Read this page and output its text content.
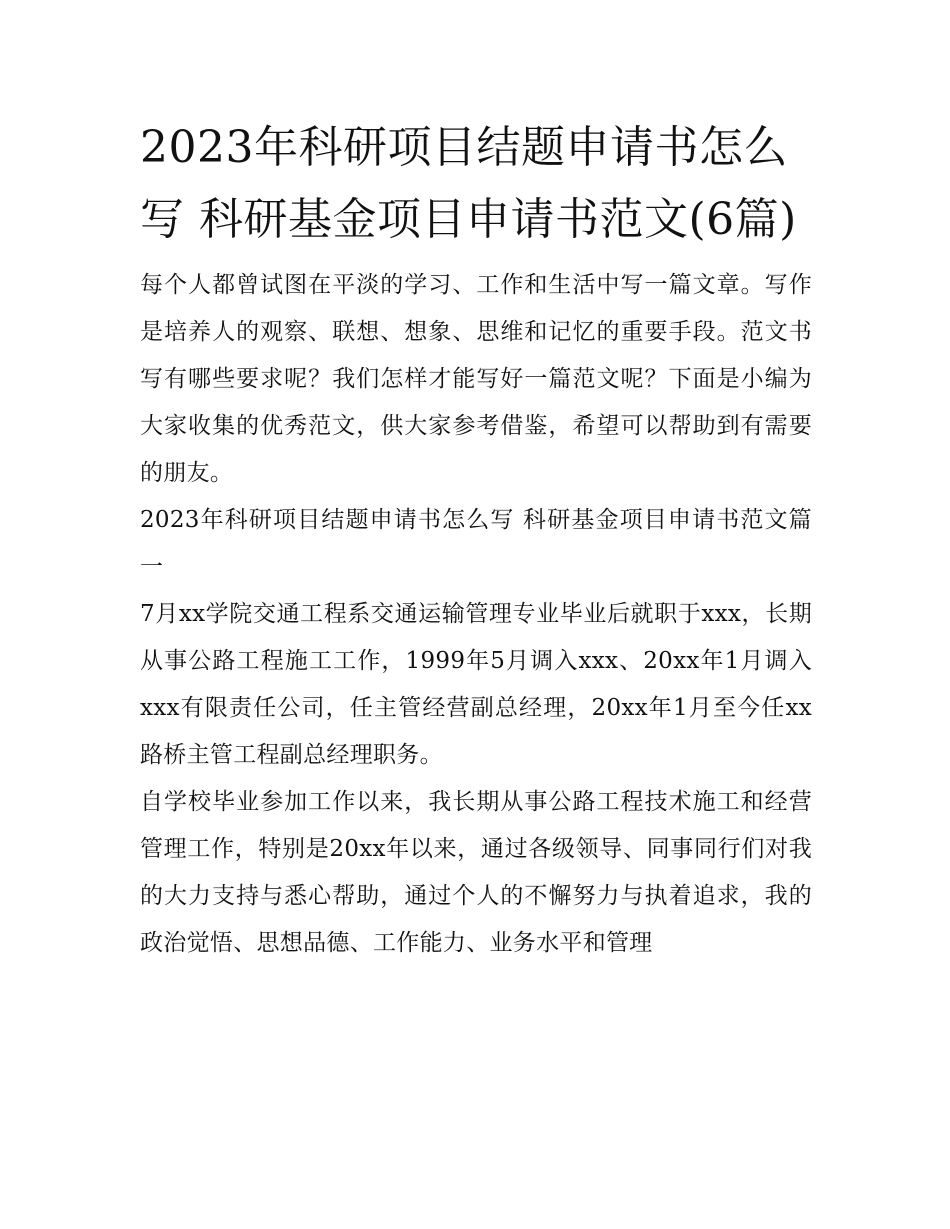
2023年科研项目结题申请书怎么写 科研基金项目申请书范文(6篇)

每个人都曾试图在平淡的学习、工作和生活中写一篇文章。写作是培养人的观察、联想、想象、思维和记忆的重要手段。范文书写有哪些要求呢？我们怎样才能写好一篇范文呢？下面是小编为大家收集的优秀范文，供大家参考借鉴，希望可以帮助到有需要的朋友。

2023年科研项目结题申请书怎么写 科研基金项目申请书范文篇一

7月xx学院交通工程系交通运输管理专业毕业后就职于xxx，长期从事公路工程施工工作，1999年5月调入xxx、20xx年1月调入xxx有限责任公司，任主管经营副总经理，20xx年1月至今任xx路桥主管工程副总经理职务。

自学校毕业参加工作以来，我长期从事公路工程技术施工和经营管理工作，特别是20xx年以来，通过各级领导、同事同行们对我的大力支持与悉心帮助，通过个人的不懈努力与执着追求，我的政治觉悟、思想品德、工作能力、业务水平和管理
